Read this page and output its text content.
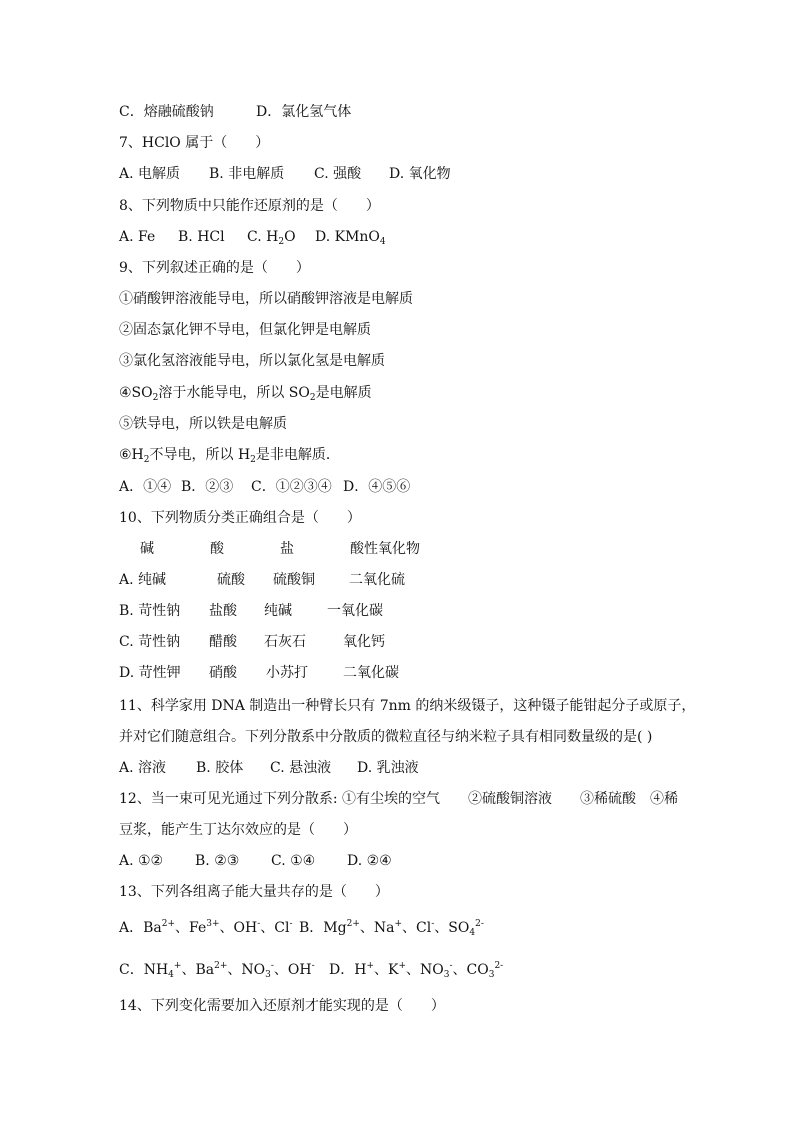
C．熔融硫酸钠	D．氯化氢气体
7、HClO 属于（　　）
A. 电解质 B. 非电解质 C. 强酸 D. 氧化物
8、下列物质中只能作还原剂的是（　　）
A. Fe B. HCl C. $H_2O$ D. KMnO$_4$
9、下列叙述正确的是（　　）
①硝酸钾溶液能导电，所以硝酸钾溶液是电解质
②固态氯化钾不导电，但氯化钾是电解质
③氯化氢溶液能导电，所以氯化氢是电解质
$④SO_2$溶于水能导电，所以 $SO_2$是电解质
⑤铁导电，所以铁是电解质
$⑥H_2$不导电，所以 $H_2$是非电解质．
A．①④ B．②③ C．①②③④ D．④⑤⑥
10、下列物质分类正确组合是（　　）
碱	酸	盐	酸性氧化物
A. 纯碱	硫酸 硫酸铜 二氧化硫
B. 苛性钠 盐酸 纯碱	一氧化碳
C. 苛性钠 醋酸 石灰石	氧化钙
D. 苛性钾 硝酸 小苏打	二氧化碳
11、科学家用 DNA 制造出一种臂长只有 7nm 的纳米级镊子，这种镊子能钳起分子或原子，
并对它们随意组合。下列分散系中分散质的微粒直径与纳米粒子具有相同数量级的是( )
A. 溶液 B. 胶体 C. 悬浊液 D. 乳浊液
12、当一束可见光通过下列分散系: ①有尘埃的空气　　②硫酸铜溶液　　③稀硫酸　④稀
豆浆，能产生丁达尔效应的是（　　）
A. ①② B. ②③ C. ①④ D. ②④
13、下列各组离子能大量共存的是（　　）
A．$Ba^{2+}$、$Fe^{3+}$、OH-、Cl- B．$Mg^{2+}$、Na+、Cl-、$SO_4^{2-}$
C．$NH_4^+$、$Ba^{2+}$、$NO_3^-$、OH- D．H+、K+、$NO_3^-$、$CO_3^{2-}$
14、下列变化需要加入还原剂才能实现的是（　　）
